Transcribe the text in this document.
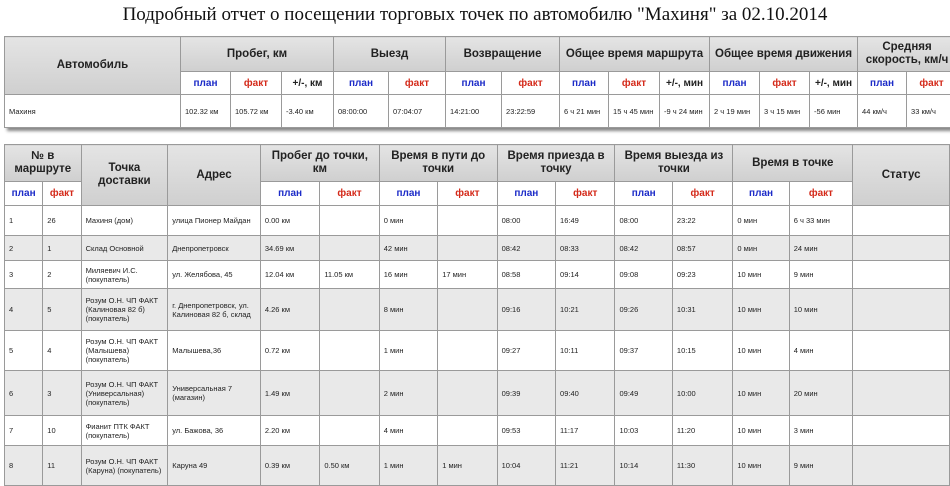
Подробный отчет о посещении торговых точек по автомобилю "Махиня" за 02.10.2014
Автомобиль	Пробег, км			Выезд		Возвращение		Общее время маршрута			Общее время движения			Средняя скорость, км/ч	
	план	факт	+/-, км	план	факт	план	факт	план	факт	+/-, мин	план	факт	+/-, мин	план	факт
Махиня	102.32 км	105.72 км	-3.40 км	08:00:00	07:04:07	14:21:00	23:22:59	6 ч 21 мин	15 ч 45 мин	-9 ч 24 мин	2 ч 19 мин	3 ч 15 мин	-56 мин	44 км/ч	33 км/ч
№ в маршруте		Точка доставки	Адрес	Пробег до точки, км		Время в пути до точки		Время приезда в точку		Время выезда из точки		Время в точке		Статус
план	факт			план	факт	план	факт	план	факт	план	факт	план	факт	
1	26	Махиня (дом)	улица Пионер Майдан	0.00 км		0 мин		08:00	16:49	08:00	23:22	0 мин	6 ч 33 мин	
2	1	Склад Основной	Днепропетровск	34.69 км		42 мин		08:42	08:33	08:42	08:57	0 мин	24 мин	
3	2	Миляевич И.С. (покупатель)	ул. Желябова, 45	12.04 км	11.05 км	16 мин	17 мин	08:58	09:14	09:08	09:23	10 мин	9 мин	
4	5	Розум О.Н. ЧП ФАКТ (Калиновая 82 б) (покупатель)	г. Днепропетровск, ул. Калиновая 82 б, склад	4.26 км		8 мин		09:16	10:21	09:26	10:31	10 мин	10 мин	
5	4	Розум О.Н. ЧП ФАКТ (Малышева) (покупатель)	Малышева,36	0.72 км		1 мин		09:27	10:11	09:37	10:15	10 мин	4 мин	
6	3	Розум О.Н. ЧП ФАКТ (Универсальная) (покупатель)	Универсальная 7 (магазин)	1.49 км		2 мин		09:39	09:40	09:49	10:00	10 мин	20 мин	
7	10	Фианит ПТК ФАКТ (покупатель)	ул. Бажова, 36	2.20 км		4 мин		09:53	11:17	10:03	11:20	10 мин	3 мин	
8	11	Розум О.Н. ЧП ФАКТ (Каруна) (покупатель)	Каруна 49	0.39 км	0.50 км	1 мин	1 мин	10:04	11:21	10:14	11:30	10 мин	9 мин	
